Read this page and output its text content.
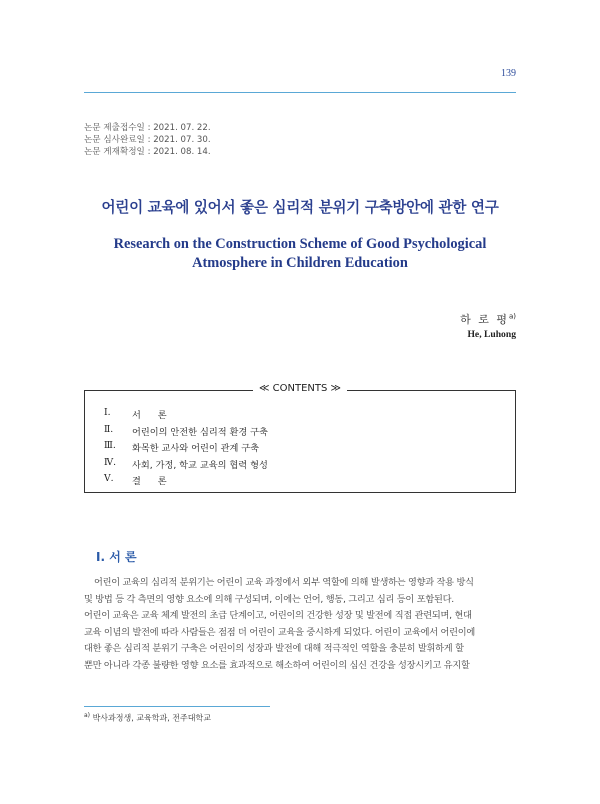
139
논문 제출접수일 : 2021. 07. 22.
논문 심사완료일 : 2021. 07. 30.
논문 게재확정일 : 2021. 08. 14.
어린이 교육에 있어서 좋은 심리적 분위기 구축방안에 관한 연구
Research on the Construction Scheme of Good Psychological
Atmosphere in Children Education
하 로 평$^{a)}$
He, Luhong
≪ CONTENTS ≫
Ⅰ.	서 론
Ⅱ.	어린이의 안전한 심리적 환경 구축
Ⅲ.	화목한 교사와 어린이 관계 구축
Ⅳ.	사회, 가정, 학교 교육의 협력 형성
Ⅴ.	결 론
Ⅰ. 서 론
어린이 교육의 심리적 분위기는 어린이 교육 과정에서 외부 역할에 의해 발생하는 영향과 작용 방식
및 방법 등 각 측면의 영향 요소에 의해 구성되며, 이에는 언어, 행동, 그리고 심리 등이 포함된다.
어린이 교육은 교육 체계 발전의 초급 단계이고, 어린이의 건강한 성장 및 발전에 직접 관련되며, 현대
교육 이념의 발전에 따라 사람들은 점점 더 어린이 교육을 중시하게 되었다. 어린이 교육에서 어린이에
대한 좋은 심리적 분위기 구축은 어린이의 성장과 발전에 대해 적극적인 역할을 충분히 발휘하게 할
뿐만 아니라 각종 불량한 영향 요소를 효과적으로 해소하여 어린이의 심신 건강을 성장시키고 유지할
$^{a)}$ 박사과정생, 교육학과, 전주대학교
